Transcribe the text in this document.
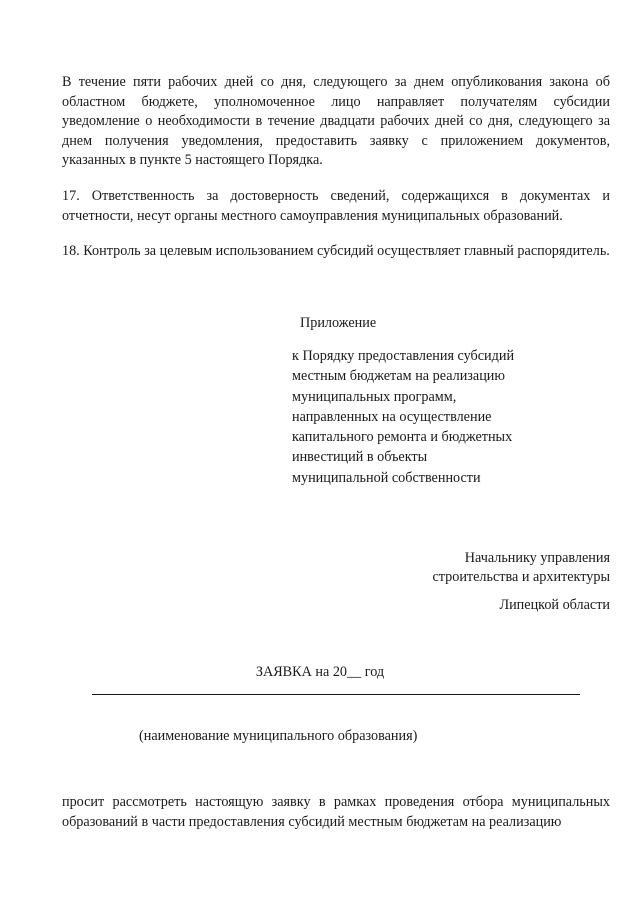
В течение пяти рабочих дней со дня, следующего за днем опубликования закона об областном бюджете, уполномоченное лицо направляет получателям субсидии уведомление о необходимости в течение двадцати рабочих дней со дня, следующего за днем получения уведомления, предоставить заявку с приложением документов, указанных в пункте 5 настоящего Порядка.

17. Ответственность за достоверность сведений, содержащихся в документах и отчетности, несут органы местного самоуправления муниципальных образований.

18. Контроль за целевым использованием субсидий осуществляет главный распорядитель.

Приложение

к Порядку предоставления субсидий
местным бюджетам на реализацию
муниципальных программ,
направленных на осуществление
капитального ремонта и бюджетных
инвестиций в объекты
муниципальной собственности
Начальнику управления
строительства и архитектуры
Липецкой области

ЗАЯВКА на 20__ год

(наименование муниципального образования)

просит рассмотреть настоящую заявку в рамках проведения отбора муниципальных образований в части предоставления субсидий местным бюджетам на реализацию
